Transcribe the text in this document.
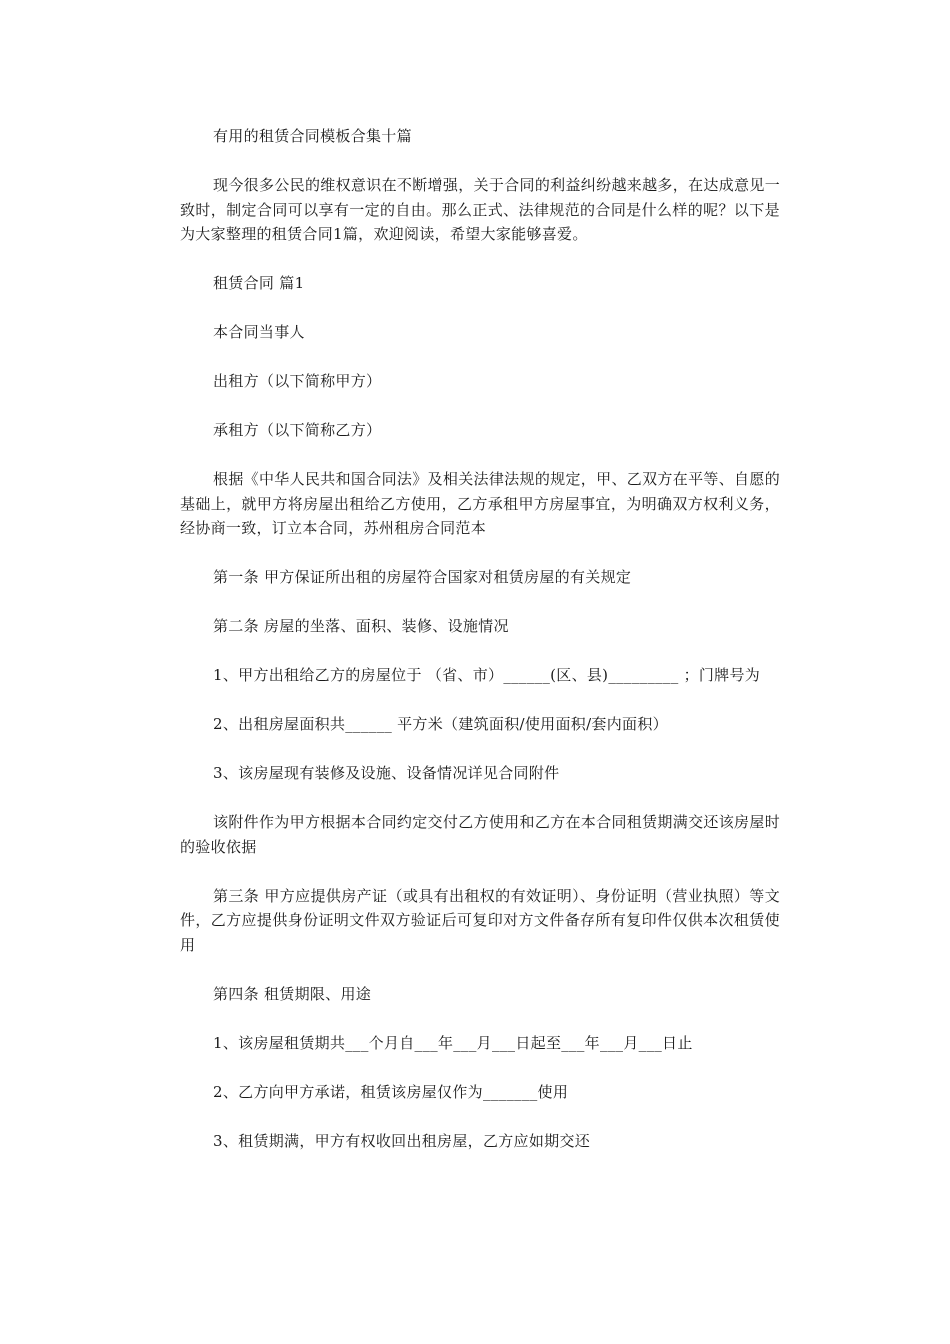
有用的租赁合同模板合集十篇

现今很多公民的维权意识在不断增强，关于合同的利益纠纷越来越多，在达成意见一致时，制定合同可以享有一定的自由。那么正式、法律规范的合同是什么样的呢？以下是为大家整理的租赁合同1篇，欢迎阅读，希望大家能够喜爱。

租赁合同 篇1

本合同当事人

出租方（以下简称甲方）

承租方（以下简称乙方）

根据《中华人民共和国合同法》及相关法律法规的规定，甲、乙双方在平等、自愿的基础上，就甲方将房屋出租给乙方使用，乙方承租甲方房屋事宜，为明确双方权利义务，经协商一致，订立本合同，苏州租房合同范本

第一条 甲方保证所出租的房屋符合国家对租赁房屋的有关规定

第二条 房屋的坐落、面积、装修、设施情况

1、甲方出租给乙方的房屋位于 （省、市）______(区、县)_________ ；门牌号为

2、出租房屋面积共______ 平方米（建筑面积/使用面积/套内面积）

3、该房屋现有装修及设施、设备情况详见合同附件

该附件作为甲方根据本合同约定交付乙方使用和乙方在本合同租赁期满交还该房屋时的验收依据

第三条 甲方应提供房产证（或具有出租权的有效证明）、身份证明（营业执照）等文件，乙方应提供身份证明文件双方验证后可复印对方文件备存所有复印件仅供本次租赁使用

第四条 租赁期限、用途

1、该房屋租赁期共___个月自___年___月___日起至___年___月___日止

2、乙方向甲方承诺，租赁该房屋仅作为_______使用

3、租赁期满，甲方有权收回出租房屋，乙方应如期交还
